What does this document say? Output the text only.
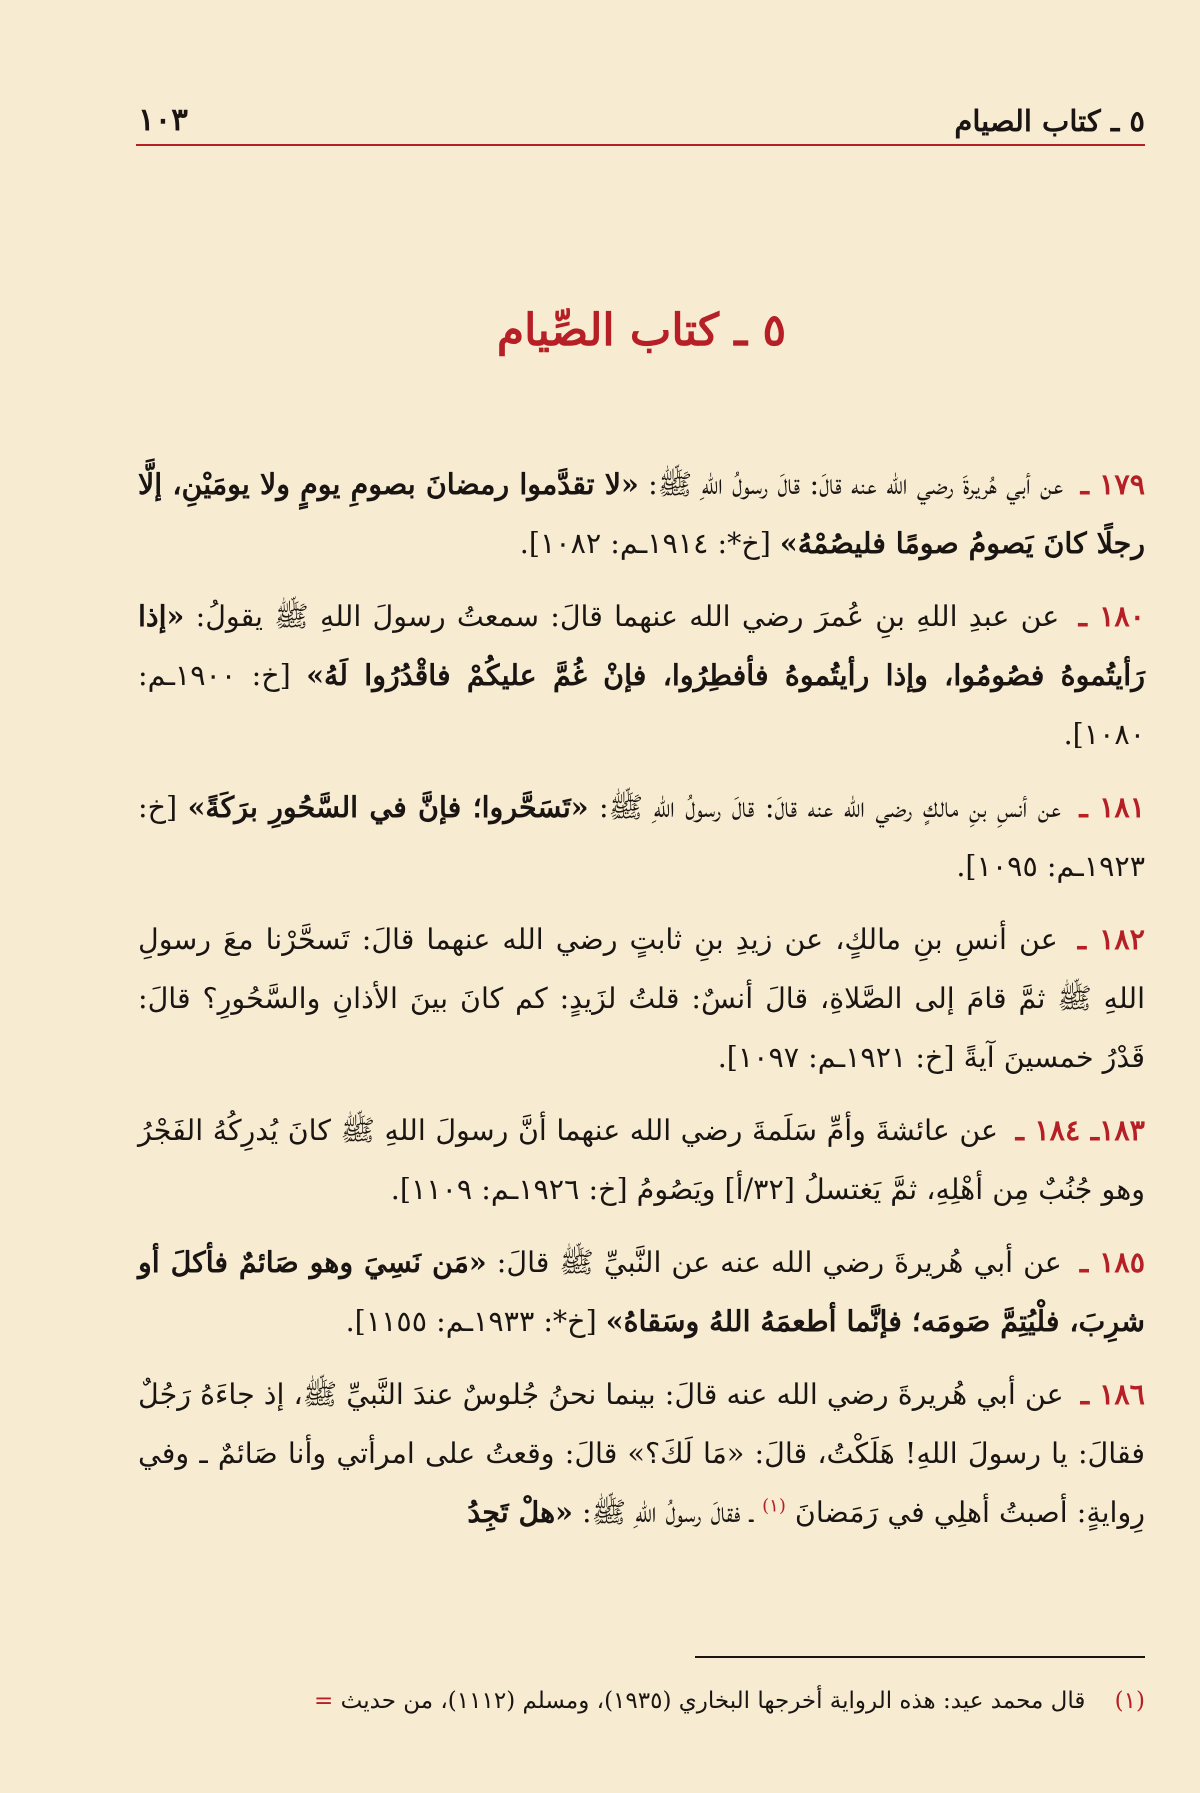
٥ ـ كتاب الصيام
١٠٣
٥ ـ كتاب الصِّيام

١٧٩ ـ عن أبي هُريرةَ رضي الله عنه قالَ: قالَ رسولُ اللهِ ﷺ: «لا تقدَّموا رمضانَ بصومِ يومٍ ولا يومَيْنِ، إلَّا رجلًا كانَ يَصومُ صومًا فليصُمْهُ» [خ*: ١٩١٤ـم: ١٠٨٢].

١٨٠ ـ عن عبدِ اللهِ بنِ عُمرَ رضي الله عنهما قالَ: سمعتُ رسولَ اللهِ ﷺ يقولُ: «إذا رَأيتُموهُ فصُومُوا، وإذا رأيتُموهُ فأفطِرُوا، فإنْ غُمَّ عليكُمْ فاقْدُرُوا لَهُ» [خ: ١٩٠٠ـم: ١٠٨٠].

١٨١ ـ عن أنسِ بنِ مالكٍ رضي الله عنه قالَ: قالَ رسولُ اللهِ ﷺ: «تَسَحَّروا؛ فإنَّ في السَّحُورِ برَكَةً» [خ: ١٩٢٣ـم: ١٠٩٥].

١٨٢ ـ عن أنسِ بنِ مالكٍ، عن زيدِ بنِ ثابتٍ رضي الله عنهما قالَ: تَسحَّرْنا معَ رسولِ اللهِ ﷺ ثمَّ قامَ إلى الصَّلاةِ، قالَ أنسٌ: قلتُ لزَيدٍ: كم كانَ بينَ الأذانِ والسَّحُورِ؟ قالَ: قَدْرُ خمسينَ آيةً [خ: ١٩٢١ـم: ١٠٩٧].

١٨٣ـ ١٨٤ ـ عن عائشةَ وأمِّ سَلَمةَ رضي الله عنهما أنَّ رسولَ اللهِ ﷺ كانَ يُدرِكُهُ الفَجْرُ وهو جُنُبٌ مِن أهْلِهِ، ثمَّ يَغتسلُ [٣٢/أ] ويَصُومُ [خ: ١٩٢٦ـم: ١١٠٩].

١٨٥ ـ عن أبي هُريرةَ رضي الله عنه عن النَّبيِّ ﷺ قالَ: «مَن نَسِيَ وهو صَائمٌ فأكلَ أو شرِبَ، فلْيُتِمَّ صَومَه؛ فإنَّما أطعمَهُ اللهُ وسَقاهُ» [خ*: ١٩٣٣ـم: ١١٥٥].

١٨٦ ـ عن أبي هُريرةَ رضي الله عنه قالَ: بينما نحنُ جُلوسٌ عندَ النَّبيِّ ﷺ، إذ جاءَهُ رَجُلٌ فقالَ: يا رسولَ اللهِ! هَلَكْتُ، قالَ: «مَا لَكَ؟» قالَ: وقعتُ على امرأتي وأنا صَائمٌ ـ وفي رِوايةٍ: أصبتُ أهلِي في رَمَضانَ $^{(١)}$ ـ فقالَ رسولُ اللهِ ﷺ: «هلْ تَجِدُ

(١) قال محمد عيد: هذه الرواية أخرجها البخاري (١٩٣٥)، ومسلم (١١١٢)، من حديث =
